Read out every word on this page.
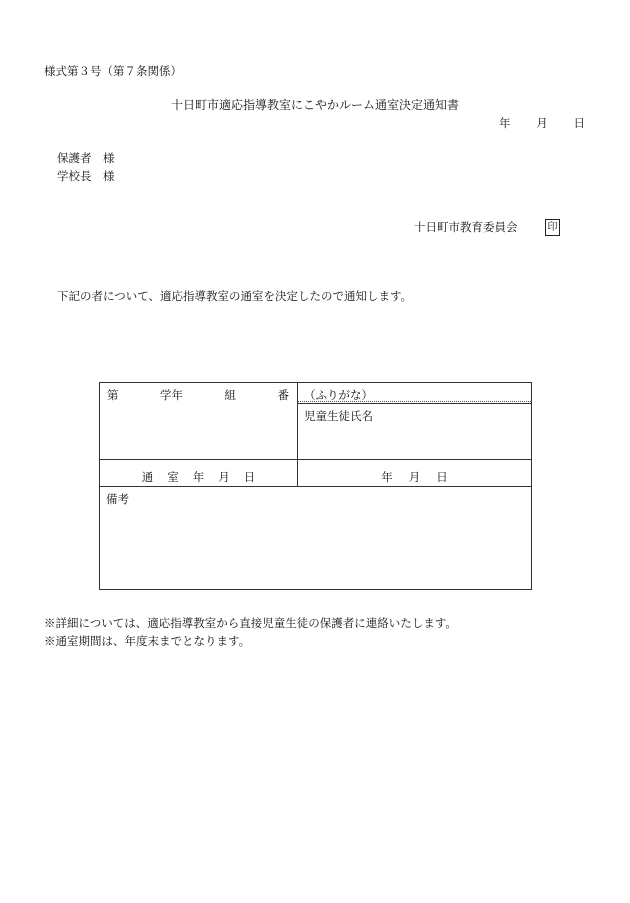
様式第３号（第７条関係）
十日町市適応指導教室にこやかルーム通室決定通知書
年 月 日
保護者　様
学校長　様
十日町市教育委員会	印
下記の者について、適応指導教室の通室を決定したので通知します。
第 学年 組 番	（ふりがな）

	児童生徒氏名

通 室 年 月 日	年 月 日

備考	
※詳細については、適応指導教室から直接児童生徒の保護者に連絡いたします。
※通室期間は、年度末までとなります。
